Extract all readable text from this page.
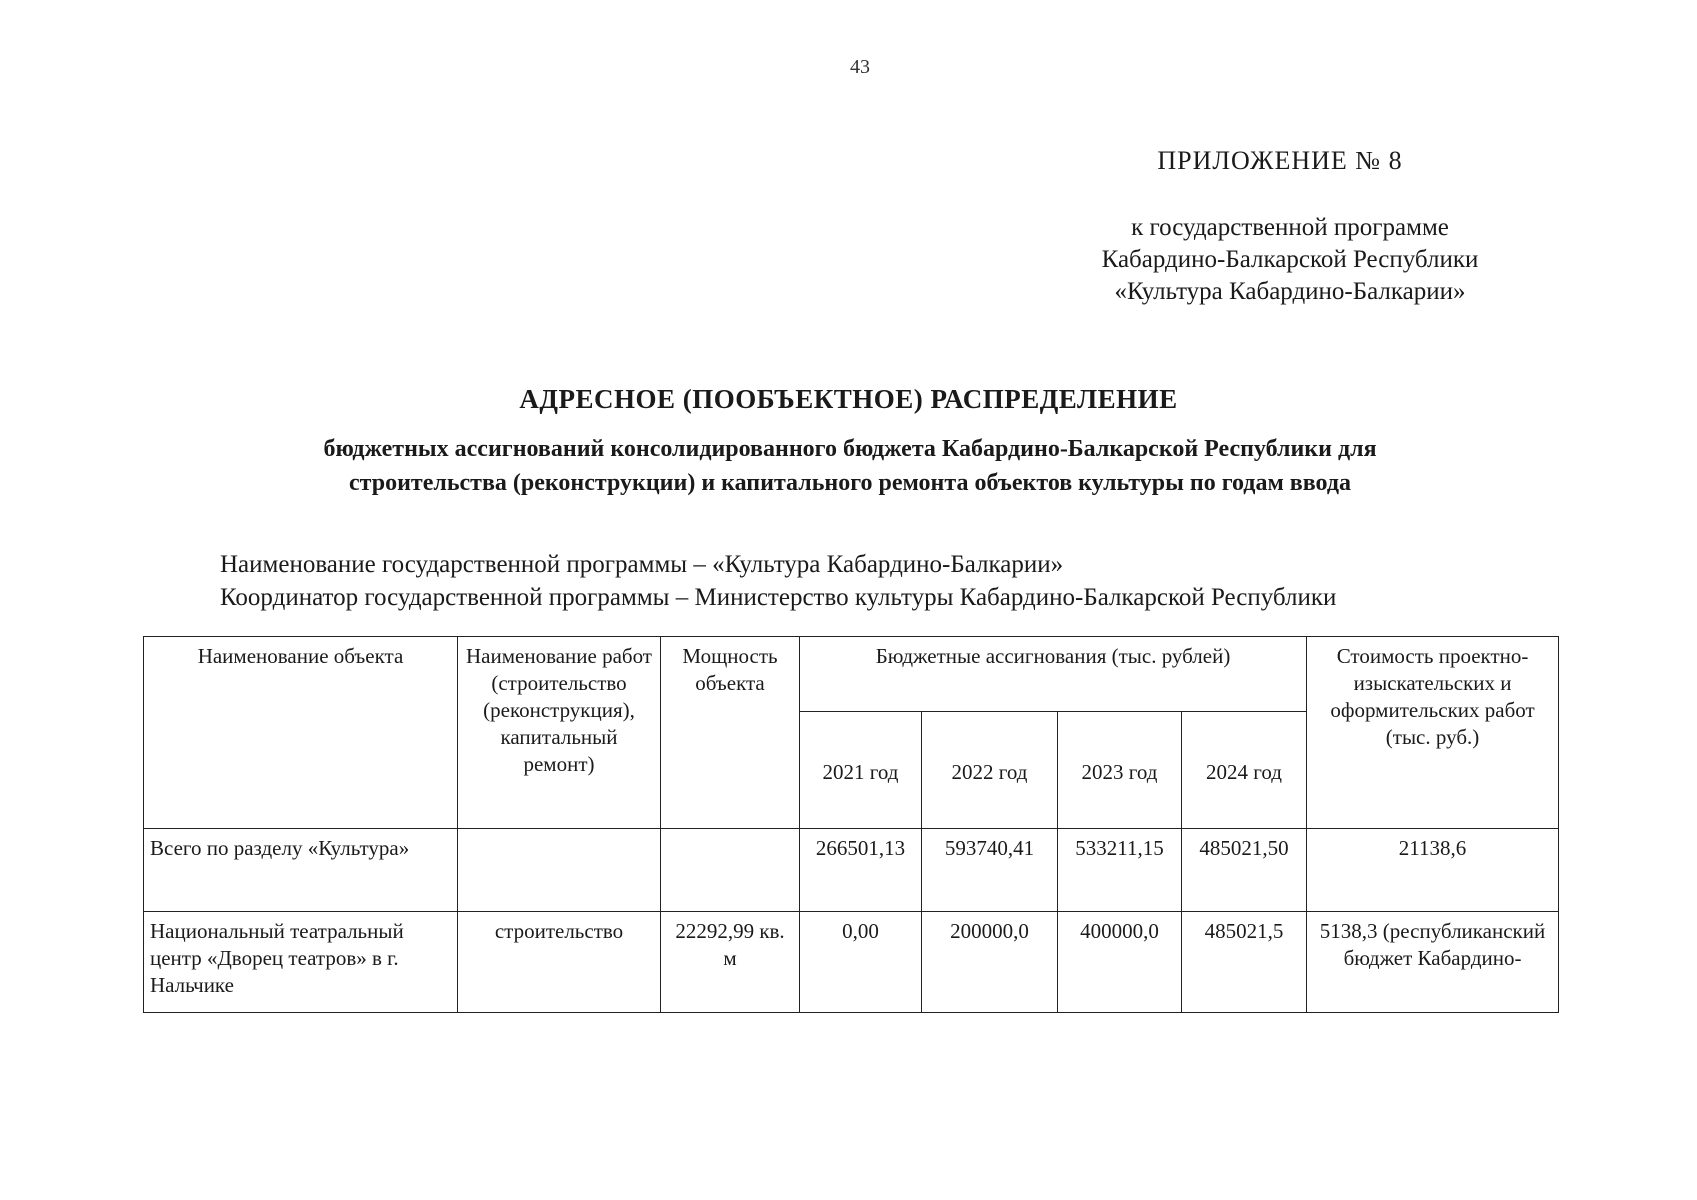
43
ПРИЛОЖЕНИЕ № 8
к государственной программе
Кабардино-Балкарской Республики
«Культура Кабардино-Балкарии»
АДРЕСНОЕ (ПООБЪЕКТНОЕ) РАСПРЕДЕЛЕНИЕ
бюджетных ассигнований консолидированного бюджета Кабардино-Балкарской Республики для
строительства (реконструкции) и капитального ремонта объектов культуры по годам ввода
Наименование государственной программы – «Культура Кабардино-Балкарии»
Координатор государственной программы – Министерство культуры Кабардино-Балкарской Республики
Наименование объекта	Наименование работ (строительство (реконструкция), капитальный ремонт)	Мощность объекта	Бюджетные ассигнования (тыс. рублей)				Стоимость проектно-изыскательских и оформительских работ (тыс. руб.)
			2021 год	2022 год	2023 год	2024 год	
Всего по разделу «Культура»			266501,13	593740,41	533211,15	485021,50	21138,6
Национальный театральный центр «Дворец театров» в г. Нальчике	строительство	22292,99 кв. м	0,00	200000,0	400000,0	485021,5	5138,3 (республиканский бюджет Кабардино-
